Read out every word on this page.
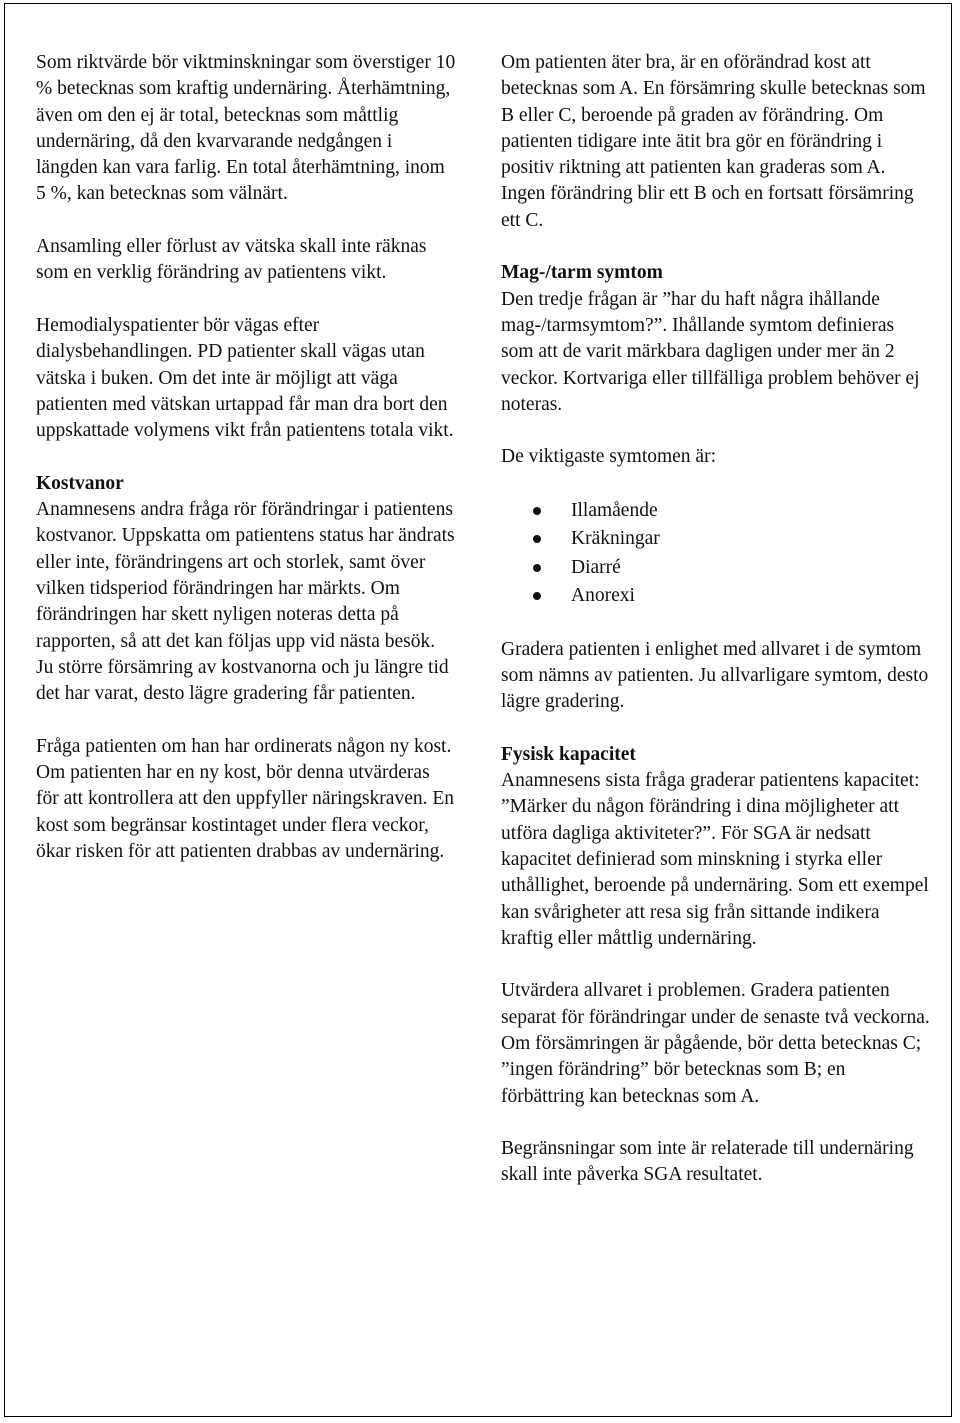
Som riktvärde bör viktminskningar som överstiger 10 % betecknas som kraftig undernäring. Återhämtning, även om den ej är total, betecknas som måttlig undernäring, då den kvarvarande nedgången i längden kan vara farlig. En total återhämtning, inom 5 %, kan betecknas som välnärt.

Ansamling eller förlust av vätska skall inte räknas som en verklig förändring av patientens vikt.

Hemodialyspatienter bör vägas efter dialysbehandlingen. PD patienter skall vägas utan vätska i buken. Om det inte är möjligt att väga patienten med vätskan urtappad får man dra bort den uppskattade volymens vikt från patientens totala vikt.

Kostvanor

Anamnesens andra fråga rör förändringar i patientens kostvanor. Uppskatta om patientens status har ändrats eller inte, förändringens art och storlek, samt över vilken tidsperiod förändringen har märkts. Om förändringen har skett nyligen noteras detta på rapporten, så att det kan följas upp vid nästa besök. Ju större försämring av kostvanorna och ju längre tid det har varat, desto lägre gradering får patienten.

Fråga patienten om han har ordinerats någon ny kost. Om patienten har en ny kost, bör denna utvärderas för att kontrollera att den uppfyller näringskraven. En kost som begränsar kostintaget under flera veckor, ökar risken för att patienten drabbas av undernäring.

Om patienten äter bra, är en oförändrad kost att betecknas som A. En försämring skulle betecknas som B eller C, beroende på graden av förändring. Om patienten tidigare inte ätit bra gör en förändring i positiv riktning att patienten kan graderas som A. Ingen förändring blir ett B och en fortsatt försämring ett C.

Mag-/tarm symtom

Den tredje frågan är ”har du haft några ihållande mag-/tarmsymtom?”. Ihållande symtom definieras som att de varit märkbara dagligen under mer än 2 veckor. Kortvariga eller tillfälliga problem behöver ej noteras.

De viktigaste symtomen är:

Illamående
Kräkningar
Diarré
Anorexi

Gradera patienten i enlighet med allvaret i de symtom som nämns av patienten. Ju allvarligare symtom, desto lägre gradering.

Fysisk kapacitet

Anamnesens sista fråga graderar patientens kapacitet: ”Märker du någon förändring i dina möjligheter att utföra dagliga aktiviteter?”. För SGA är nedsatt kapacitet definierad som minskning i styrka eller uthållighet, beroende på undernäring. Som ett exempel kan svårigheter att resa sig från sittande indikera kraftig eller måttlig undernäring.

Utvärdera allvaret i problemen. Gradera patienten separat för förändringar under de senaste två veckorna. Om försämringen är pågående, bör detta betecknas C; ”ingen förändring” bör betecknas som B; en förbättring kan betecknas som A.

Begränsningar som inte är relaterade till undernäring skall inte påverka SGA resultatet.
